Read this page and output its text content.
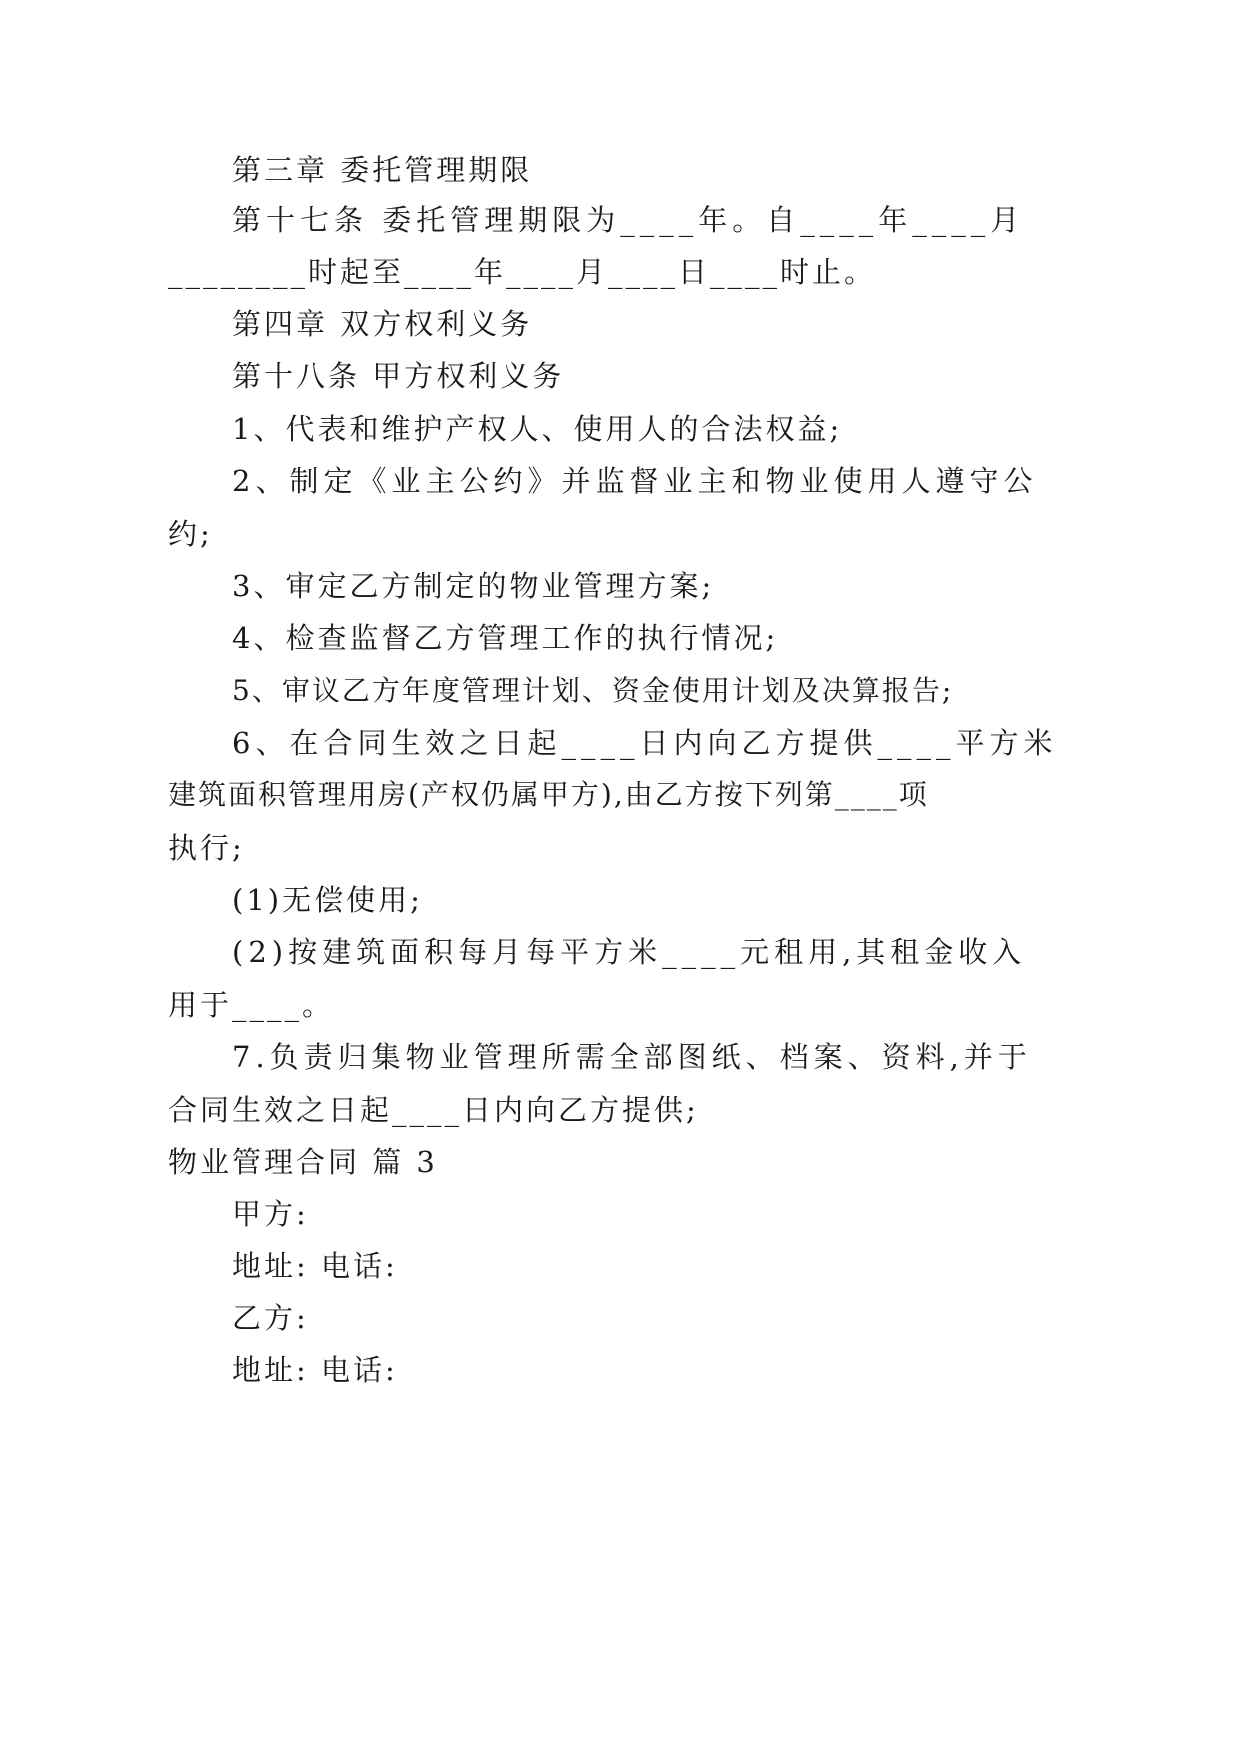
第三章 委托管理期限
第十七条 委托管理期限为____年。自____年____月
________时起至____年____月____日____时止。
第四章 双方权利义务
第十八条 甲方权利义务
1、代表和维护产权人、使用人的合法权益;
2、制定《业主公约》并监督业主和物业使用人遵守公
约;
3、审定乙方制定的物业管理方案;
4、检查监督乙方管理工作的执行情况;
5、审议乙方年度管理计划、资金使用计划及决算报告;
6、在合同生效之日起____日内向乙方提供____平方米
建筑面积管理用房(产权仍属甲方),由乙方按下列第____项
执行;
(1)无偿使用;
(2)按建筑面积每月每平方米____元租用,其租金收入
用于____。
7.负责归集物业管理所需全部图纸、档案、资料,并于
合同生效之日起____日内向乙方提供;
物业管理合同 篇 3
甲方:
地址: 电话:
乙方:
地址: 电话:
